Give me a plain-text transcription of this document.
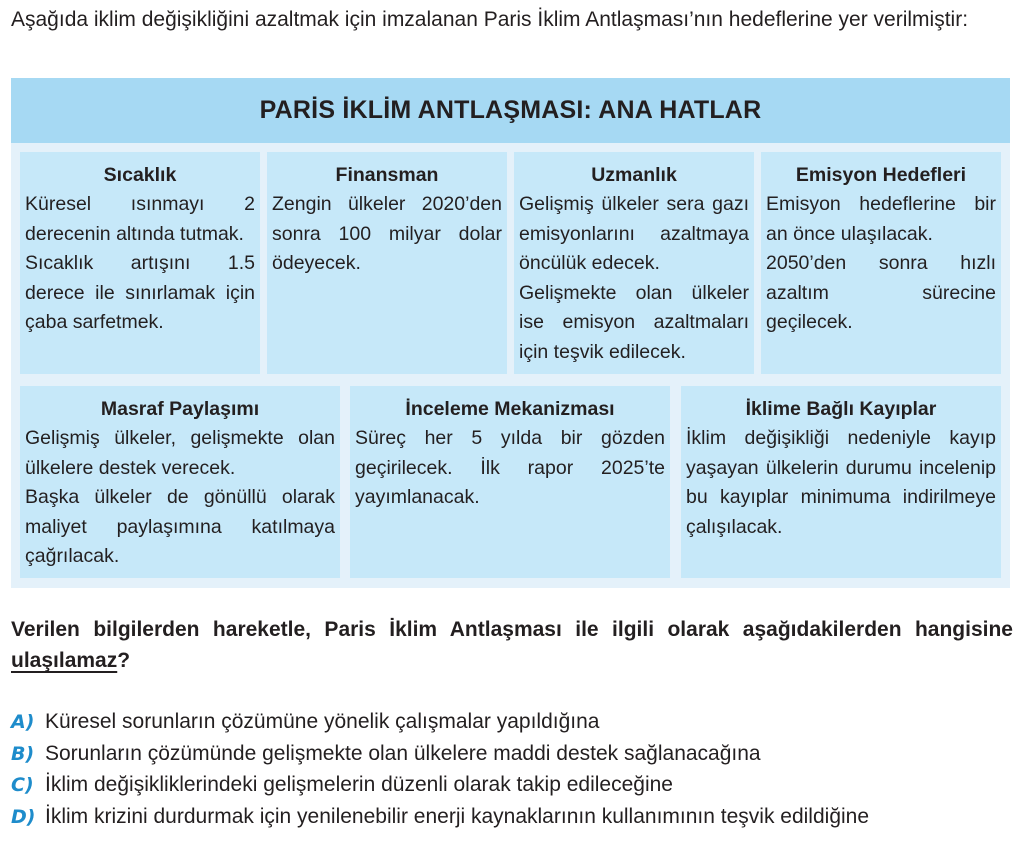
Aşağıda iklim değişikliğini azaltmak için imzalanan Paris İklim Antlaşması’nın hedeflerine yer verilmiştir:
PARİS İKLİM ANTLAŞMASI: ANA HATLAR
Sıcaklık

Küresel ısınmayı 2 derecenin altında tutmak.

Sıcaklık artışını 1.5 derece ile sınırlamak için çaba sarfetmek.

Finansman

Zengin ülkeler 2020’den sonra 100 milyar dolar ödeyecek.

Uzmanlık

Gelişmiş ülkeler sera gazı emisyonlarını azaltmaya öncülük edecek.

Gelişmekte olan ülkeler ise emisyon azaltmaları için teşvik edilecek.

Emisyon Hedefleri

Emisyon hedeflerine bir an önce ulaşılacak.

2050’den sonra hızlı azaltım sürecine geçilecek.

Masraf Paylaşımı

Gelişmiş ülkeler, gelişmekte olan ülkelere destek verecek.

Başka ülkeler de gönüllü olarak maliyet paylaşımına katılmaya çağrılacak.

İnceleme Mekanizması

Süreç her 5 yılda bir gözden geçirilecek. İlk rapor 2025’te yayımlanacak.

İklime Bağlı Kayıplar

İklim değişikliği nedeniyle kayıp yaşayan ülkelerin durumu incelenip bu kayıplar minimuma indirilmeye çalışılacak.

Verilen bilgilerden hareketle, Paris İklim Antlaşması ile ilgili olarak aşağıdakilerden hangisine ulaşılamaz?
A) Küresel sorunların çözümüne yönelik çalışmalar yapıldığına
B) Sorunların çözümünde gelişmekte olan ülkelere maddi destek sağlanacağına
C) İklim değişikliklerindeki gelişmelerin düzenli olarak takip edileceğine
D) İklim krizini durdurmak için yenilenebilir enerji kaynaklarının kullanımının teşvik edildiğine
